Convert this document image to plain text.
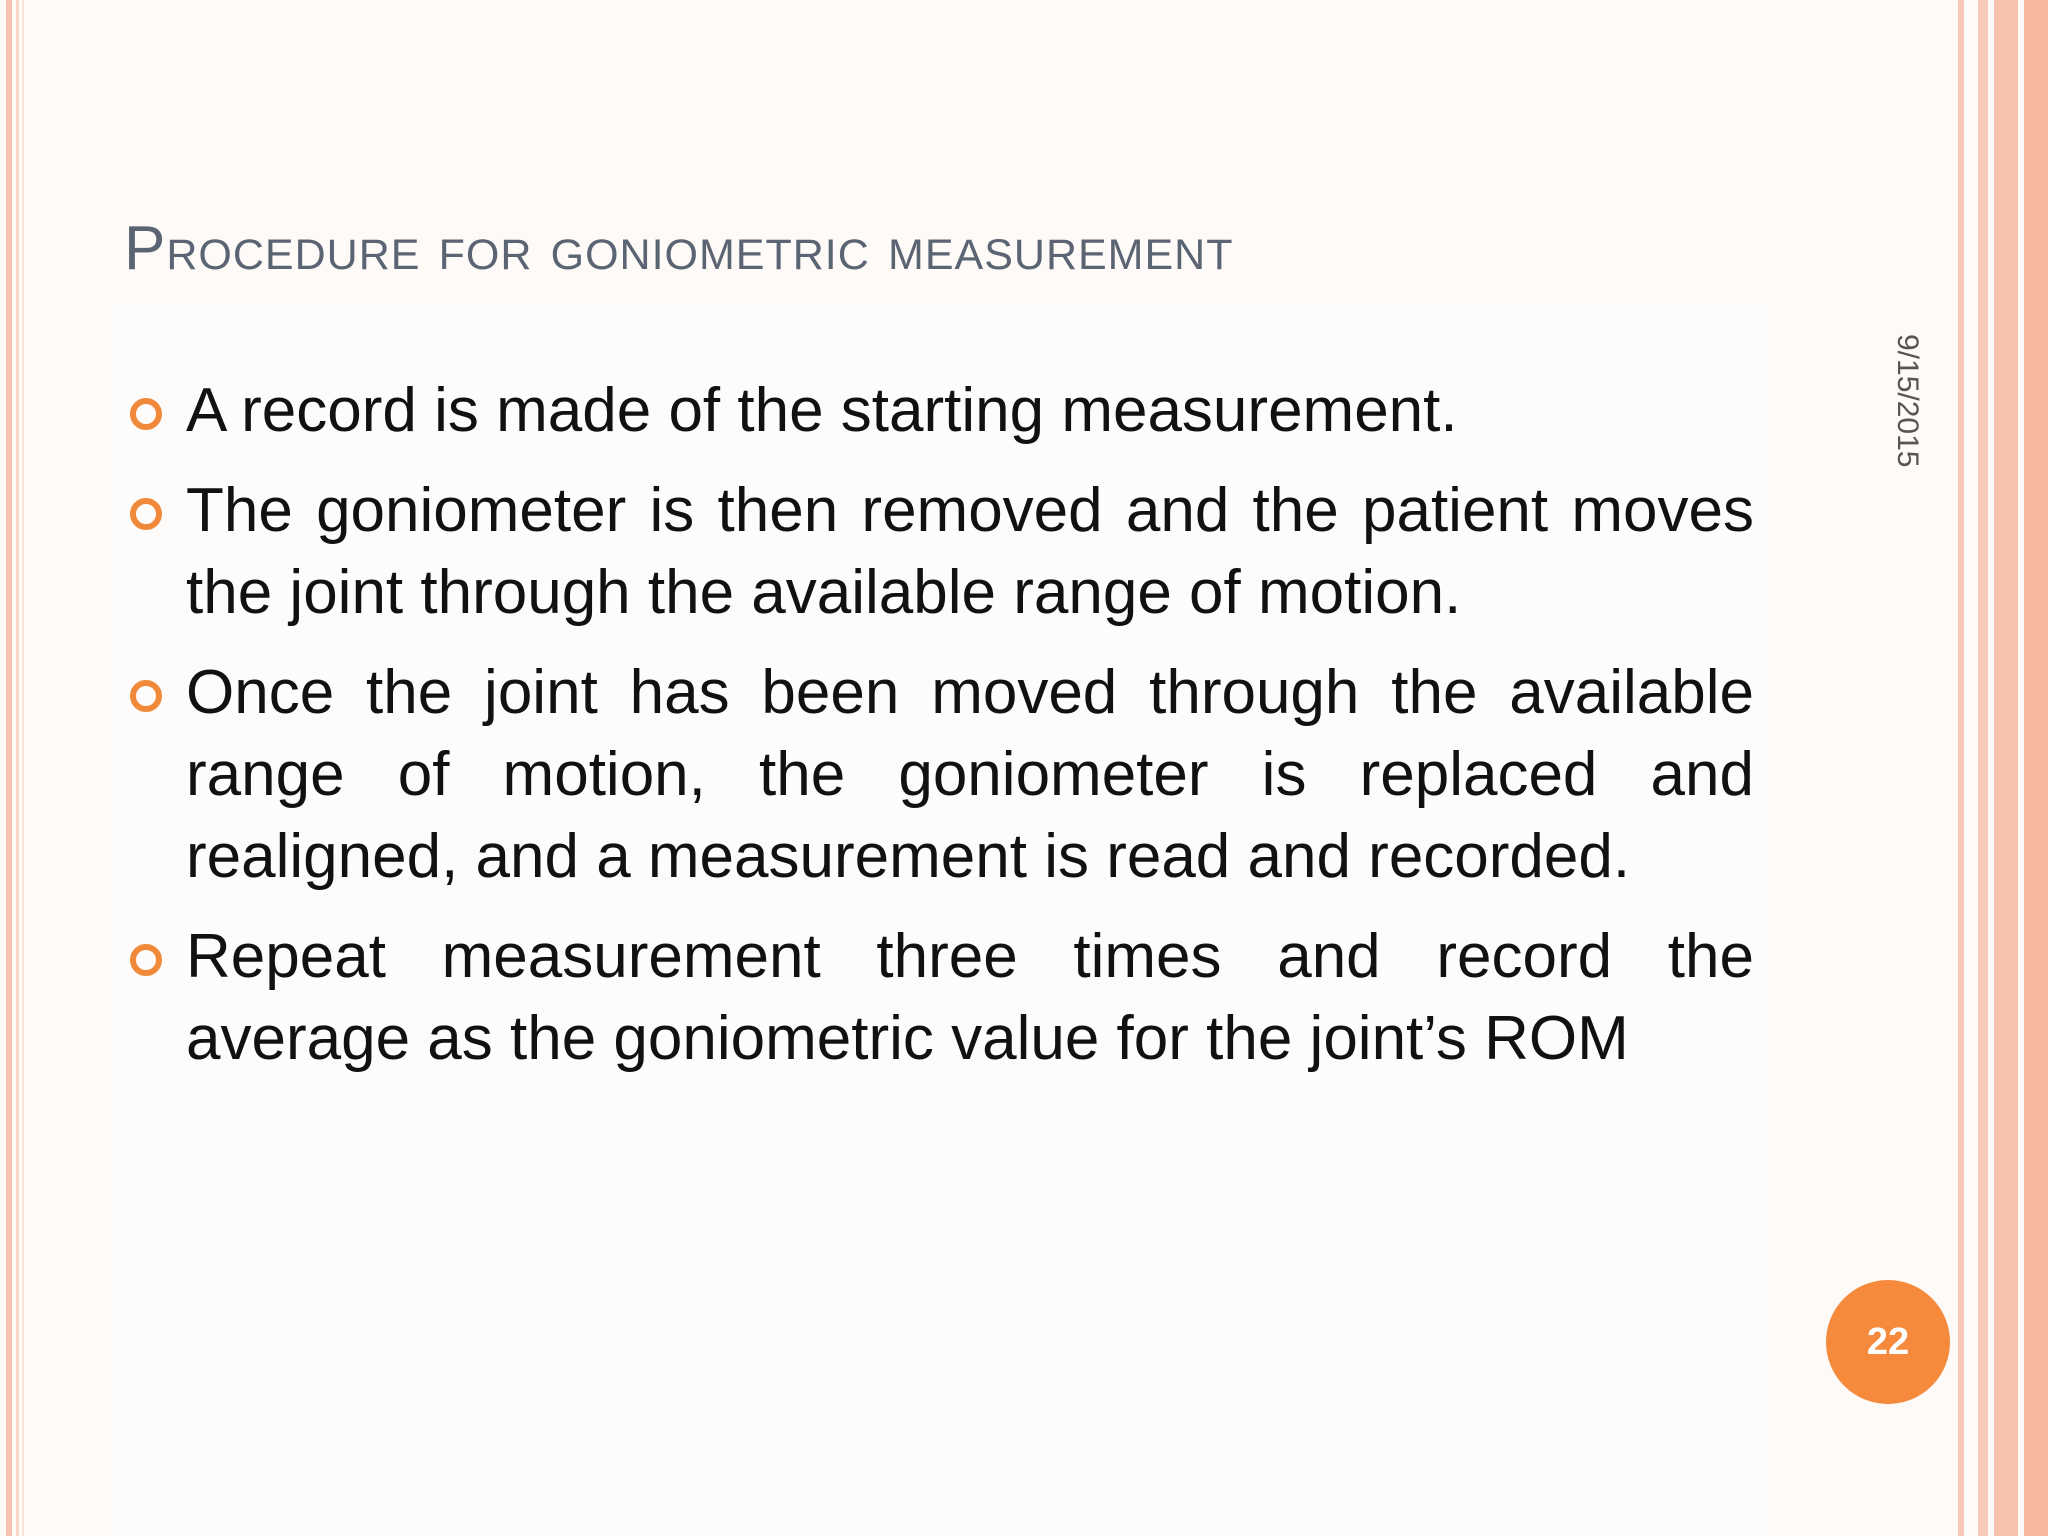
Procedure for goniometric measurement
9/15/2015
A record is made of the starting measurement.
The goniometer is then removed and the patient moves the joint through the available range of motion.
Once the joint has been moved through the available range of motion, the goniometer is replaced and realigned, and a measurement is read and recorded.
Repeat measurement three times and record the average as the goniometric value for the joint’s ROM
22
